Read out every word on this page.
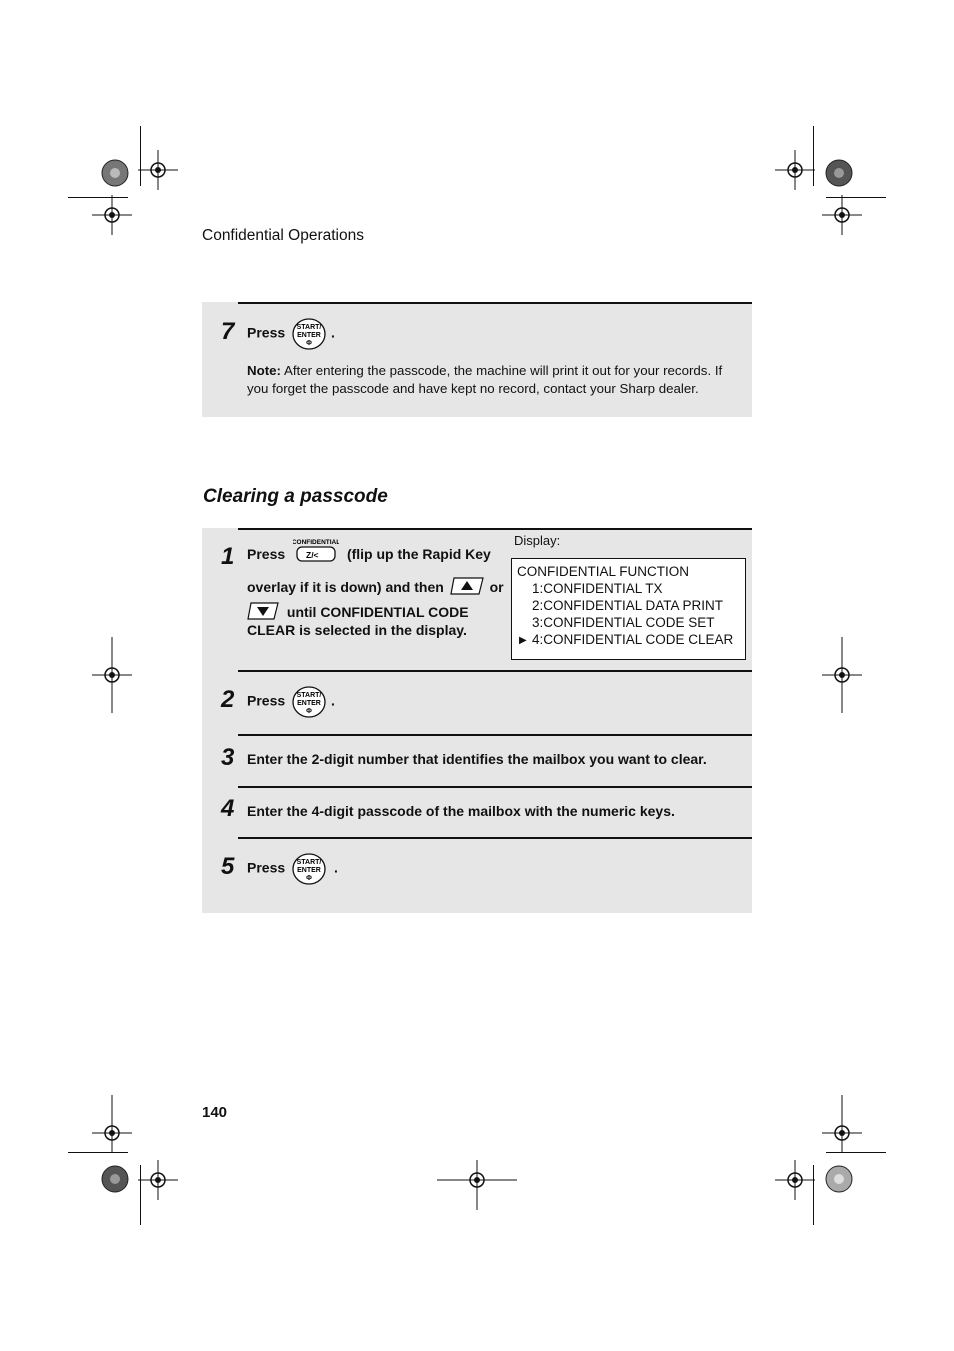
Confidential Operations
7 Press START/
ENTER
Φ
.
Note: After entering the passcode, the machine will print it out for your records. If you forget the passcode and have kept no record, contact your Sharp dealer.
Clearing a passcode
1 Press
CONFIDENTIAL
Z/< (flip up the Rapid Key
overlay if it is down) and then	or
until CONFIDENTIAL CODE
CLEAR is selected in the display.
Display:
CONFIDENTIAL FUNCTION
1:CONFIDENTIAL TX
2:CONFIDENTIAL DATA PRINT
3:CONFIDENTIAL CODE SET
▶ 4:CONFIDENTIAL CODE CLEAR
2 Press START/
ENTER
Φ
.
3 Enter the 2-digit number that identifies the mailbox you want to clear.
4 Enter the 4-digit passcode of the mailbox with the numeric keys.
5 Press START/
ENTER
Φ
.
140
